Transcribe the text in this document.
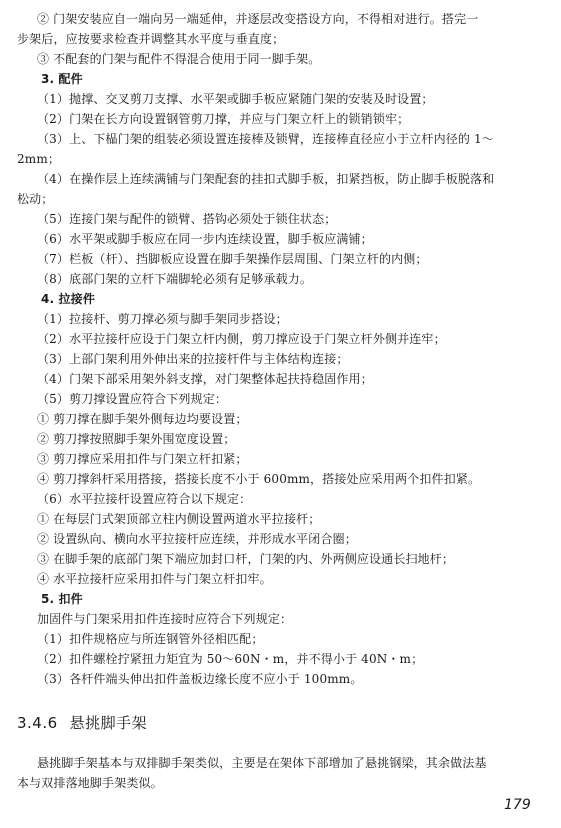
② 门架安装应自一端向另一端延伸，并逐层改变搭设方向，不得相对进行。搭完一
步架后，应按要求检查并调整其水平度与垂直度；
③ 不配套的门架与配件不得混合使用于同一脚手架。
3. 配件
（1）抛撑、交叉剪刀支撑、水平架或脚手板应紧随门架的安装及时设置；
（2）门架在长方向设置钢管剪刀撑，并应与门架立杆上的锁销锁牢；
（3）上、下榀门架的组装必须设置连接棒及锁臂，连接棒直径应小于立杆内径的 1～
2mm；
（4）在操作层上连续满铺与门架配套的挂扣式脚手板，扣紧挡板，防止脚手板脱落和
松动；
（5）连接门架与配件的锁臂、搭钩必须处于锁住状态；
（6）水平架或脚手板应在同一步内连续设置，脚手板应满铺；
（7）栏板（杆）、挡脚板应设置在脚手架操作层周围、门架立杆的内侧；
（8）底部门架的立杆下端脚轮必须有足够承载力。
4. 拉接件
（1）拉接杆、剪刀撑必须与脚手架同步搭设；
（2）水平拉接杆应设于门架立杆内侧，剪刀撑应设于门架立杆外侧并连牢；
（3）上部门架利用外伸出来的拉接杆件与主体结构连接；
（4）门架下部采用架外斜支撑，对门架整体起扶持稳固作用；
（5）剪刀撑设置应符合下列规定：
① 剪刀撑在脚手架外侧每边均要设置；
② 剪刀撑按照脚手架外围宽度设置；
③ 剪刀撑应采用扣件与门架立杆扣紧；
④ 剪刀撑斜杆采用搭接，搭接长度不小于 600mm，搭接处应采用两个扣件扣紧。
（6）水平拉接杆设置应符合以下规定：
① 在每层门式架顶部立柱内侧设置两道水平拉接杆；
② 设置纵向、横向水平拉接杆应连续，并形成水平闭合圈；
③ 在脚手架的底部门架下端应加封口杆，门架的内、外两侧应设通长扫地杆；
④ 水平拉接杆应采用扣件与门架立杆扣牢。
5. 扣件
加固件与门架采用扣件连接时应符合下列规定：
（1）扣件规格应与所连钢管外径相匹配；
（2）扣件螺栓拧紧扭力矩宜为 50～60N・m，并不得小于 40N・m；
（3）各杆件端头伸出扣件盖板边缘长度不应小于 100mm。
3.4.6 悬挑脚手架
悬挑脚手架基本与双排脚手架类似，主要是在架体下部增加了悬挑钢梁，其余做法基
本与双排落地脚手架类似。
179
